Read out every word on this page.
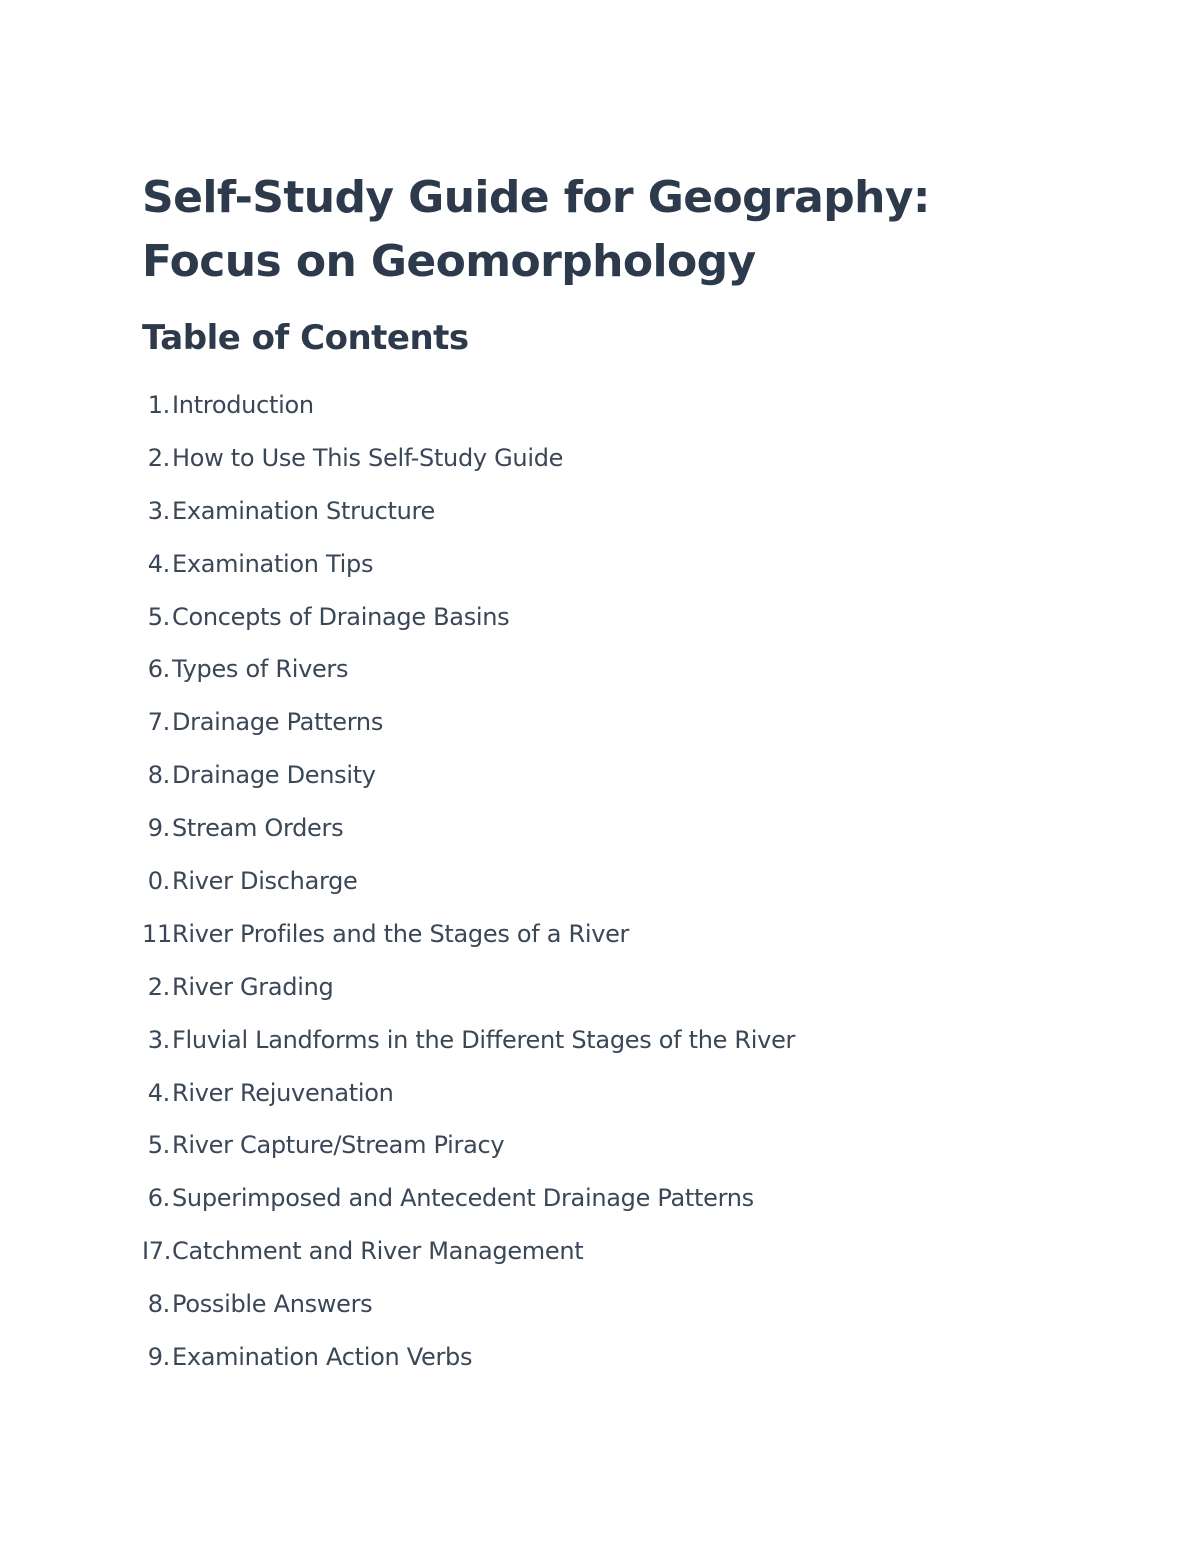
Self-Study Guide for Geography: Focus on Geomorphology
Table of Contents
1.Introduction
2.How to Use This Self-Study Guide
3.Examination Structure
4.Examination Tips
5.Concepts of Drainage Basins
6.Types of Rivers
7.Drainage Patterns
8.Drainage Density
9.Stream Orders
0.River Discharge
11.River Profiles and the Stages of a River
2.River Grading
3.Fluvial Landforms in the Different Stages of the River
4.River Rejuvenation
5.River Capture/Stream Piracy
6.Superimposed and Antecedent Drainage Patterns
I7.Catchment and River Management
8.Possible Answers
9.Examination Action Verbs
